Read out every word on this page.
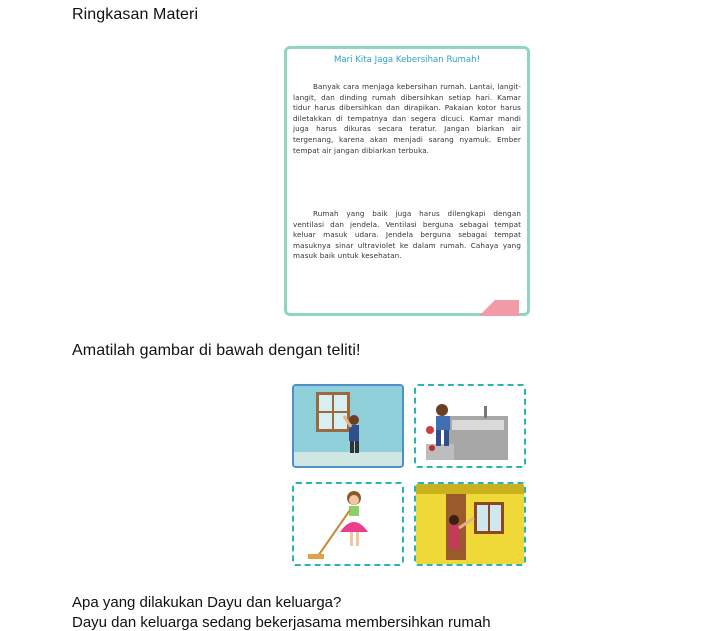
Ringkasan Materi
Mari Kita Jaga Kebersihan Rumah!
Banyak cara menjaga kebersihan rumah. Lantai, langit-langit, dan dinding rumah dibersihkan setiap hari. Kamar tidur harus dibersihkan dan dirapikan. Pakaian kotor harus diletakkan di tempatnya dan segera dicuci. Kamar mandi juga harus dikuras secara teratur. Jangan biarkan air tergenang, karena akan menjadi sarang nyamuk. Ember tempat air jangan dibiarkan terbuka.
Rumah yang baik juga harus dilengkapi dengan ventilasi dan jendela. Ventilasi berguna sebagai tempat keluar masuk udara. Jendela berguna sebagai tempat masuknya sinar ultraviolet ke dalam rumah. Cahaya yang masuk baik untuk kesehatan.
Amatilah gambar di bawah dengan teliti!
Apa yang dilakukan Dayu dan keluarga?
Dayu dan keluarga sedang bekerjasama membersihkan rumah
